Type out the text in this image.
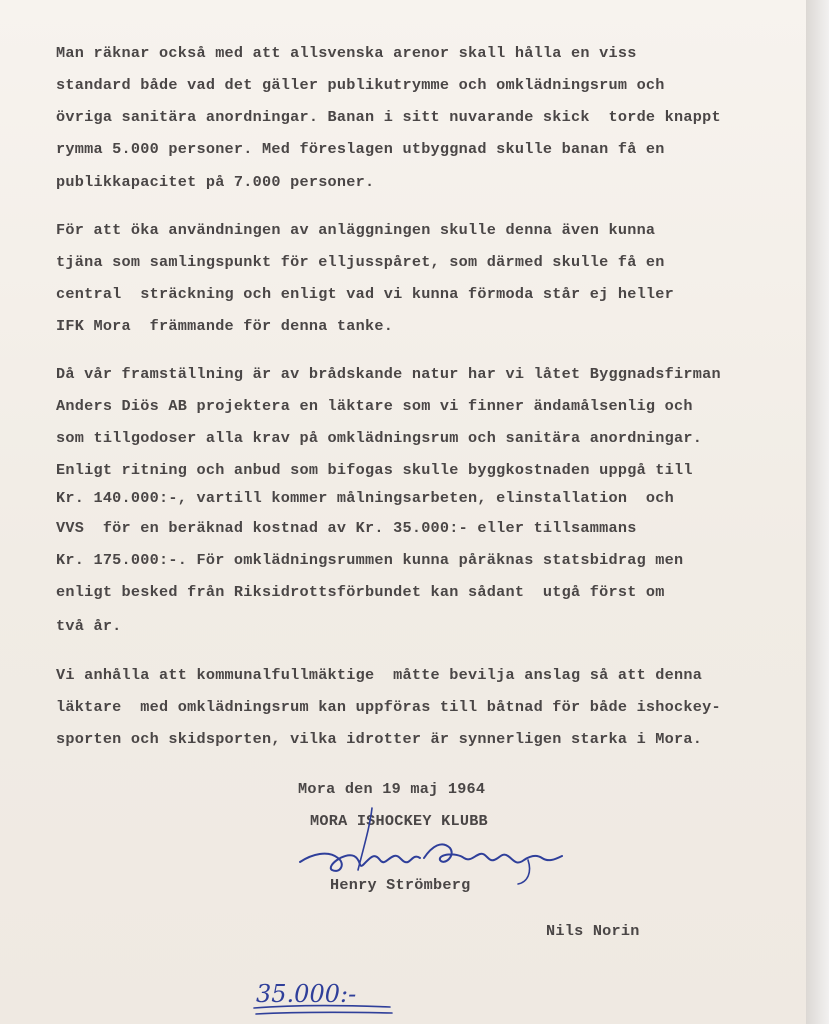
Man räknar också med att allsvenska arenor skall hålla en viss
standard både vad det gäller publikutrymme och omklädningsrum och
övriga sanitära anordningar. Banan i sitt nuvarande skick  torde knappt
rymma 5.000 personer. Med föreslagen utbyggnad skulle banan få en
publikkapacitet på 7.000 personer.
För att öka användningen av anläggningen skulle denna även kunna
tjäna som samlingspunkt för elljusspåret, som därmed skulle få en
central  sträckning och enligt vad vi kunna förmoda står ej heller
IFK Mora  främmande för denna tanke.
Då vår framställning är av brådskande natur har vi låtet Byggnadsfirman
Anders Diös AB projektera en läktare som vi finner ändamålsenlig och
som tillgodoser alla krav på omklädningsrum och sanitära anordningar.
Enligt ritning och anbud som bifogas skulle byggkostnaden uppgå till
Kr. 140.000:-, vartill kommer målningsarbeten, elinstallation  och
VVS  för en beräknad kostnad av Kr. 35.000:- eller tillsammans
Kr. 175.000:-. För omklädningsrummen kunna påräknas statsbidrag men
enligt besked från Riksidrottsförbundet kan sådant  utgå först om
två år.
Vi anhålla att kommunalfullmäktige  måtte bevilja anslag så att denna
läktare  med omklädningsrum kan uppföras till båtnad för både ishockey-
sporten och skidsporten, vilka idrotter är synnerligen starka i Mora.
Mora den 19 maj 1964
MORA ISHOCKEY KLUBB
Henry Strömberg
Nils Norin
35.000:-
